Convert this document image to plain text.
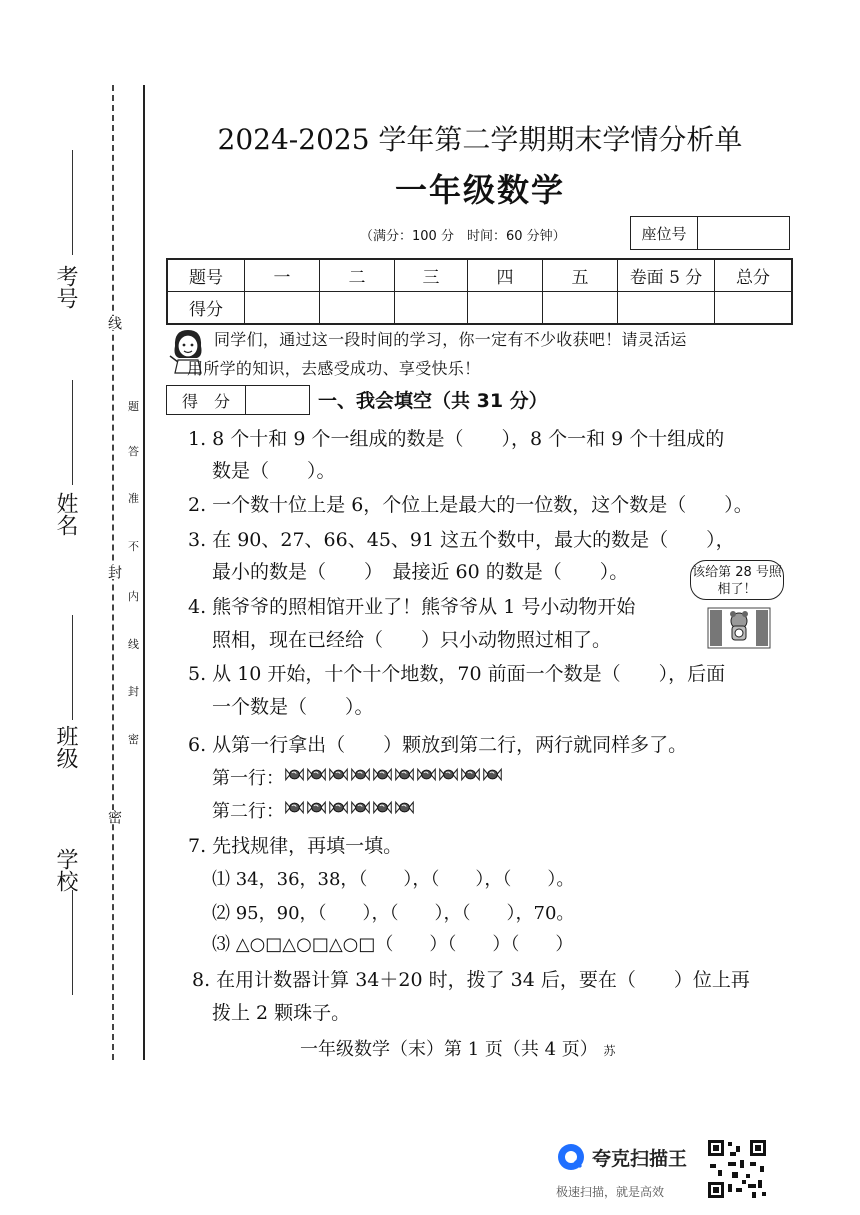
考号
姓名
班级
学校
线
封
密
题
答
准
不
内
线
封
密
2024-2025 学年第二学期期末学情分析单
一年级数学
（满分：100 分　时间：60 分钟）	座位号
题号	一	二	三	四	五	卷面 5 分	总分
得分							

同学们，通过这一段时间的学习，你一定有不少收获吧！请灵活运

用所学的知识，去感受成功、享受快乐！

得　分	一、我会填空（共 31 分）
1. 8 个十和 9 个一组成的数是（　　），8 个一和 9 个十组成的
数是（　　）。
2. 一个数十位上是 6，个位上是最大的一位数，这个数是（　　）。
3. 在 90、27、66、45、91 这五个数中，最大的数是（　　），
最小的数是（　　）　最接近 60 的数是（　　）。
4. 熊爷爷的照相馆开业了！熊爷爷从 1 号小动物开始
照相，现在已经给（　　）只小动物照过相了。
该给第 28 号照相了！
5. 从 10 开始，十个十个地数，70 前面一个数是（　　），后面
一个数是（　　）。
6. 从第一行拿出（　　）颗放到第二行，两行就同样多了。
第一行：
第二行：
7. 先找规律，再填一填。
⑴ 34，36，38，（　　），（　　），（　　）。
⑵ 95，90，（　　），（　　），（　　），70。
⑶ △○□△○□△○□（　　）（　　）（　　）
8. 在用计数器计算 34＋20 时，拨了 34 后，要在（　　）位上再
拨上 2 颗珠子。
一年级数学（末）第 1 页（共 4 页） 苏
夸克扫描王
极速扫描，就是高效
